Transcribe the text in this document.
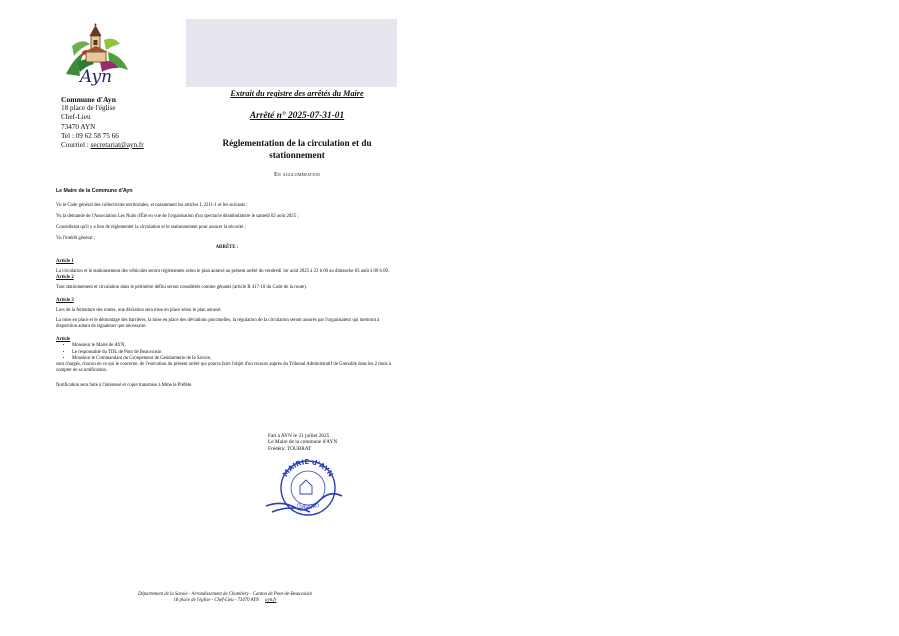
Ayn
Commune d'Ayn
18 place de l'église
Chef-Lieu
73470 AYN
Tel : 09 62 58 75 66
Courriel : secretariat@ayn.fr
Extrait du registre des arrêtés du Maire
Arrêté n° 2025-07-31-01
Réglementation de la circulation et du
stationnement
En agglomération

Le Maire de la Commune d'Ayn

Vu le Code général des collectivités territoriales, et notamment les articles L 2211-1 et les suivants ;

Vu la demande de l'Association Les Nuits d'Été en vue de l'organisation d'un spectacle déambulatoire le samedi 02 août 2025 ;

Considérant qu'il y a lieu de réglementer la circulation et le stationnement pour assurer la sécurité ;

Vu l'intérêt général ;

ARRÊTE :

Article 1

La circulation et le stationnement des véhicules seront réglementés selon le plan annexé au présent arrêté du vendredi 1er août 2025 à 23 h 00 au dimanche 03 août à 00 h 00.

Article 2

Tout stationnement et circulation dans le périmètre défini seront considérés comme gênants (article R 417-10 du Code de la route).

Article 3

Lors de la fermeture des routes, une déviation sera mise en place selon le plan annexé.

La mise en place et le démontage des barrières, la mise en place des déviations ponctuelles, la régulation de la circulation seront assurés par l'organisateur qui mettront à disposition autant de signaleurs que nécessaire.

Article

• Monsieur le Maire de AYN,
• Le responsable du TDL de Pont de Beauvoisin
• Monsieur le Commandant du Groupement de Gendarmerie de la Savoie,

sont chargés, chacun en ce qui le concerne, de l'exécution du présent arrêté qui pourra faire l'objet d'un recours auprès du Tribunal Administratif de Grenoble dans les 2 mois à compter de sa notification.

Notification sera faite à l'intéressé et copie transmise à Mme la Préfète.

Fait à AYN le 31 juillet 2025
Le Maire de la commune d'AYN
Frédéric TOUBRAT
MAIRIE d'AYN
(SAVOIE)
Département de la Savoie - Arrondissement de Chambéry - Canton de Pont-de-Beauvoisin
18 place de l'église - Chef-Lieu - 73470 AYN ayn.fr
